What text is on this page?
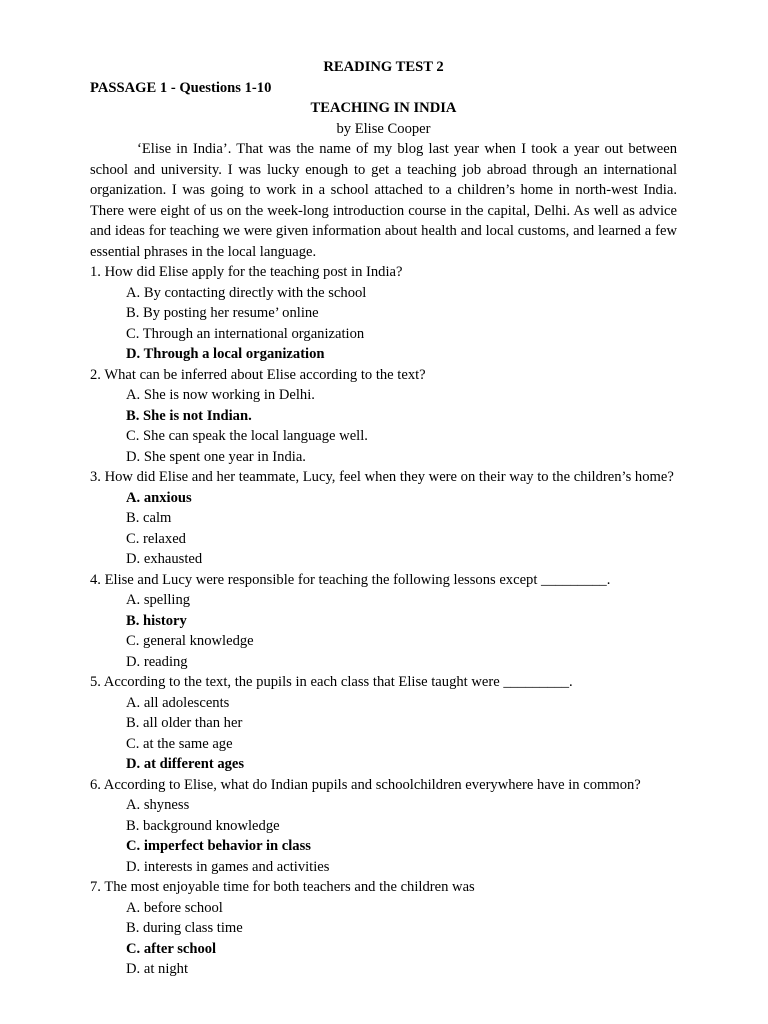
READING TEST 2
PASSAGE 1 - Questions 1-10
TEACHING IN INDIA
by Elise Cooper
‘Elise in India’. That was the name of my blog last year when I took a year out between school and university. I was lucky enough to get a teaching job abroad through an international organization. I was going to work in a school attached to a children’s home in north-west India. There were eight of us on the week-long introduction course in the capital, Delhi. As well as advice and ideas for teaching we were given information about health and local customs, and learned a few essential phrases in the local language.
1. How did Elise apply for the teaching post in India?
A. By contacting directly with the school
B. By posting her resume’ online
C. Through an international organization
D. Through a local organization
2. What can be inferred about Elise according to the text?
A. She is now working in Delhi.
B. She is not Indian.
C. She can speak the local language well.
D. She spent one year in India.
3. How did Elise and her teammate, Lucy, feel when they were on their way to the children’s home?
A. anxious
B. calm
C. relaxed
D. exhausted
4. Elise and Lucy were responsible for teaching the following lessons except _________.
A. spelling
B. history
C. general knowledge
D. reading
5. According to the text, the pupils in each class that Elise taught were _________.
A. all adolescents
B. all older than her
C. at the same age
D. at different ages
6. According to Elise, what do Indian pupils and schoolchildren everywhere have in common?
A. shyness
B. background knowledge
C. imperfect behavior in class
D. interests in games and activities
7. The most enjoyable time for both teachers and the children was
A. before school
B. during class time
C. after school
D. at night
